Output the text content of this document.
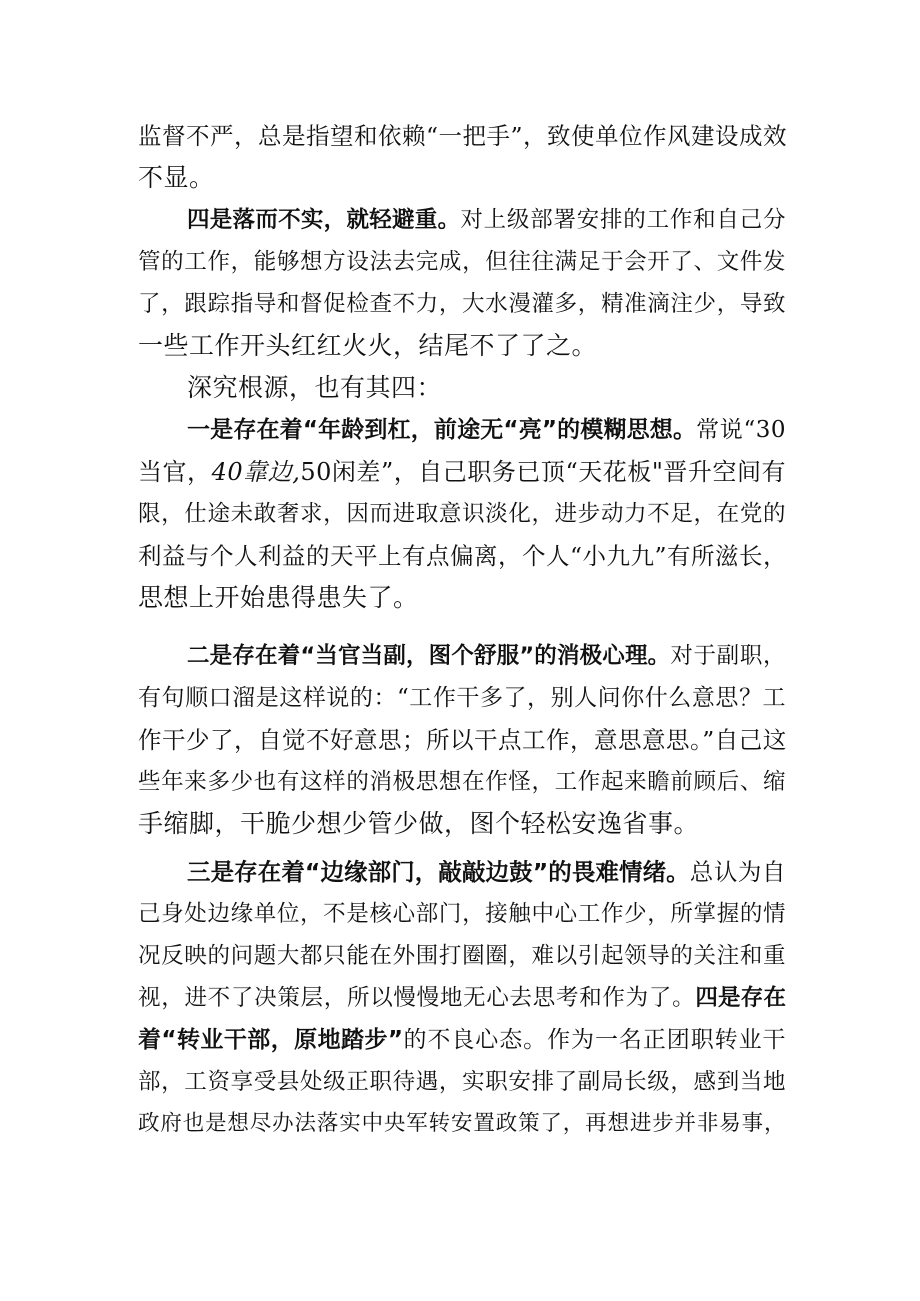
监督不严，总是指望和依赖“一把手”，致使单位作风建设成效
不显。
四是落而不实，就轻避重。对上级部署安排的工作和自己分
管的工作，能够想方设法去完成，但往往满足于会开了、文件发
了，跟踪指导和督促检查不力，大水漫灌多，精准滴注少，导致
一些工作开头红红火火，结尾不了了之。
深究根源，也有其四：
一是存在着“年龄到杠，前途无“亮”的模糊思想。常说“30
当官，40靠边,50闲差”，自己职务已顶“天花板"晋升空间有
限，仕途未敢奢求，因而进取意识淡化，进步动力不足，在党的
利益与个人利益的天平上有点偏离，个人“小九九”有所滋长，
思想上开始患得患失了。
二是存在着“当官当副，图个舒服”的消极心理。对于副职，
有句顺口溜是这样说的：“工作干多了，别人问你什么意思？工
作干少了，自觉不好意思；所以干点工作，意思意思。”自己这
些年来多少也有这样的消极思想在作怪，工作起来瞻前顾后、缩
手缩脚，干脆少想少管少做，图个轻松安逸省事。
三是存在着“边缘部门，敲敲边鼓”的畏难情绪。总认为自
己身处边缘单位，不是核心部门，接触中心工作少，所掌握的情
况反映的问题大都只能在外围打圈圈，难以引起领导的关注和重
视，进不了决策层，所以慢慢地无心去思考和作为了。四是存在
着“转业干部，原地踏步”的不良心态。作为一名正团职转业干
部，工资享受县处级正职待遇，实职安排了副局长级，感到当地
政府也是想尽办法落实中央军转安置政策了，再想进步并非易事，
